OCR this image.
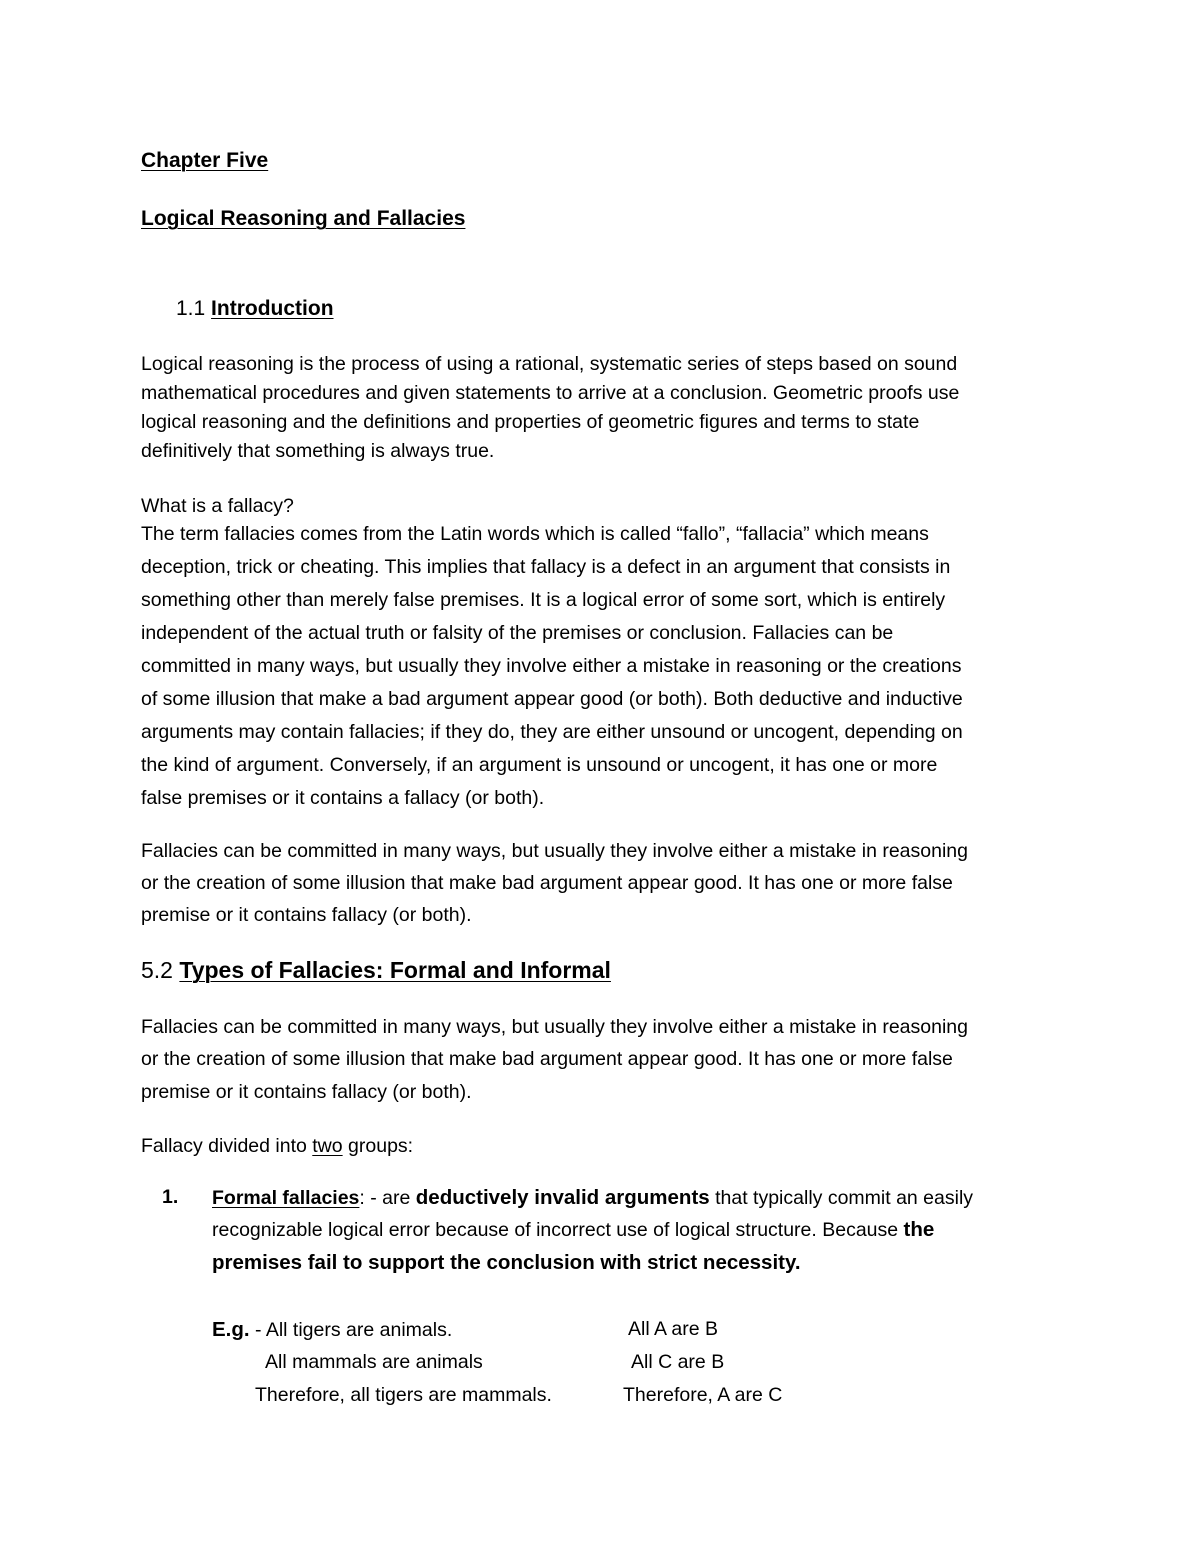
Chapter Five
Logical Reasoning and Fallacies
1.1 Introduction
Logical reasoning is the process of using a rational, systematic series of steps based on sound
mathematical procedures and given statements to arrive at a conclusion. Geometric proofs use
logical reasoning and the definitions and properties of geometric figures and terms to state
definitively that something is always true.
What is a fallacy?
The term fallacies comes from the Latin words which is called “fallo”, “fallacia” which means
deception, trick or cheating. This implies that fallacy is a defect in an argument that consists in
something other than merely false premises. It is a logical error of some sort, which is entirely
independent of the actual truth or falsity of the premises or conclusion. Fallacies can be
committed in many ways, but usually they involve either a mistake in reasoning or the creations
of some illusion that make a bad argument appear good (or both). Both deductive and inductive
arguments may contain fallacies; if they do, they are either unsound or uncogent, depending on
the kind of argument. Conversely, if an argument is unsound or uncogent, it has one or more
false premises or it contains a fallacy (or both).
Fallacies can be committed in many ways, but usually they involve either a mistake in reasoning
or the creation of some illusion that make bad argument appear good. It has one or more false
premise or it contains fallacy (or both).
5.2 Types of Fallacies: Formal and Informal
Fallacies can be committed in many ways, but usually they involve either a mistake in reasoning
or the creation of some illusion that make bad argument appear good. It has one or more false
premise or it contains fallacy (or both).
Fallacy divided into two groups:
1. Formal fallacies: - are deductively invalid arguments that typically commit an easily
recognizable logical error because of incorrect use of logical structure. Because the
premises fail to support the conclusion with strict necessity.
E.g. - All tigers are animals.	All A are B
All mammals are animals	All C are B
Therefore, all tigers are mammals.	Therefore, A are C
